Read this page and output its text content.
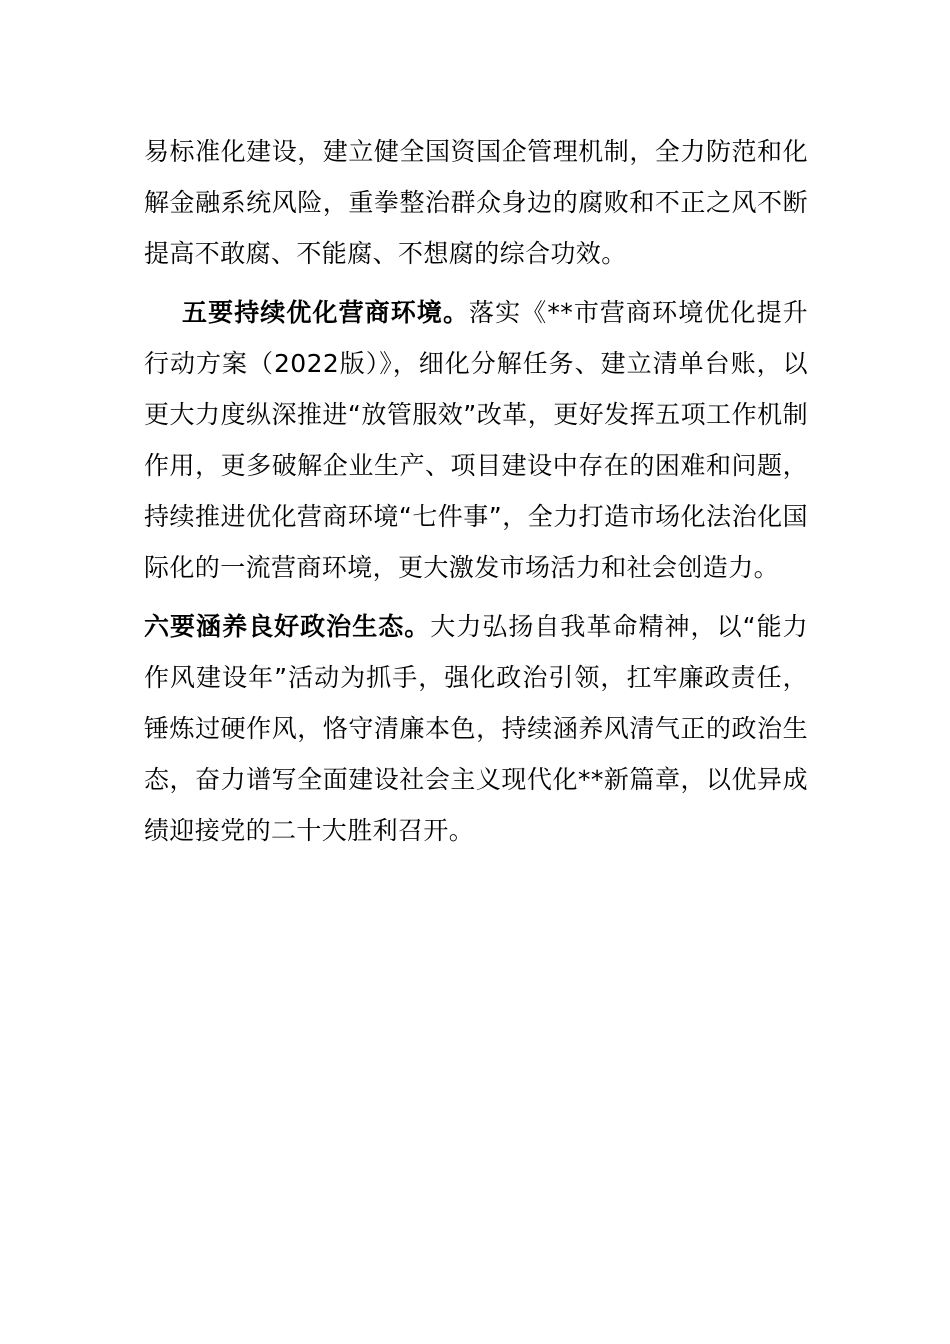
易标准化建设，建立健全国资国企管理机制，全力防范和化解金融系统风险，重拳整治群众身边的腐败和不正之风不断提高不敢腐、不能腐、不想腐的综合功效。

五要持续优化营商环境。落实《**市营商环境优化提升行动方案（2022版）》，细化分解任务、建立清单台账，以更大力度纵深推进“放管服效”改革，更好发挥五项工作机制作用，更多破解企业生产、项目建设中存在的困难和问题，持续推进优化营商环境“七件事”，全力打造市场化法治化国际化的一流营商环境，更大激发市场活力和社会创造力。

六要涵养良好政治生态。大力弘扬自我革命精神，以“能力作风建设年”活动为抓手，强化政治引领，扛牢廉政责任，锤炼过硬作风，恪守清廉本色，持续涵养风清气正的政治生态，奋力谱写全面建设社会主义现代化**新篇章，以优异成绩迎接党的二十大胜利召开。
